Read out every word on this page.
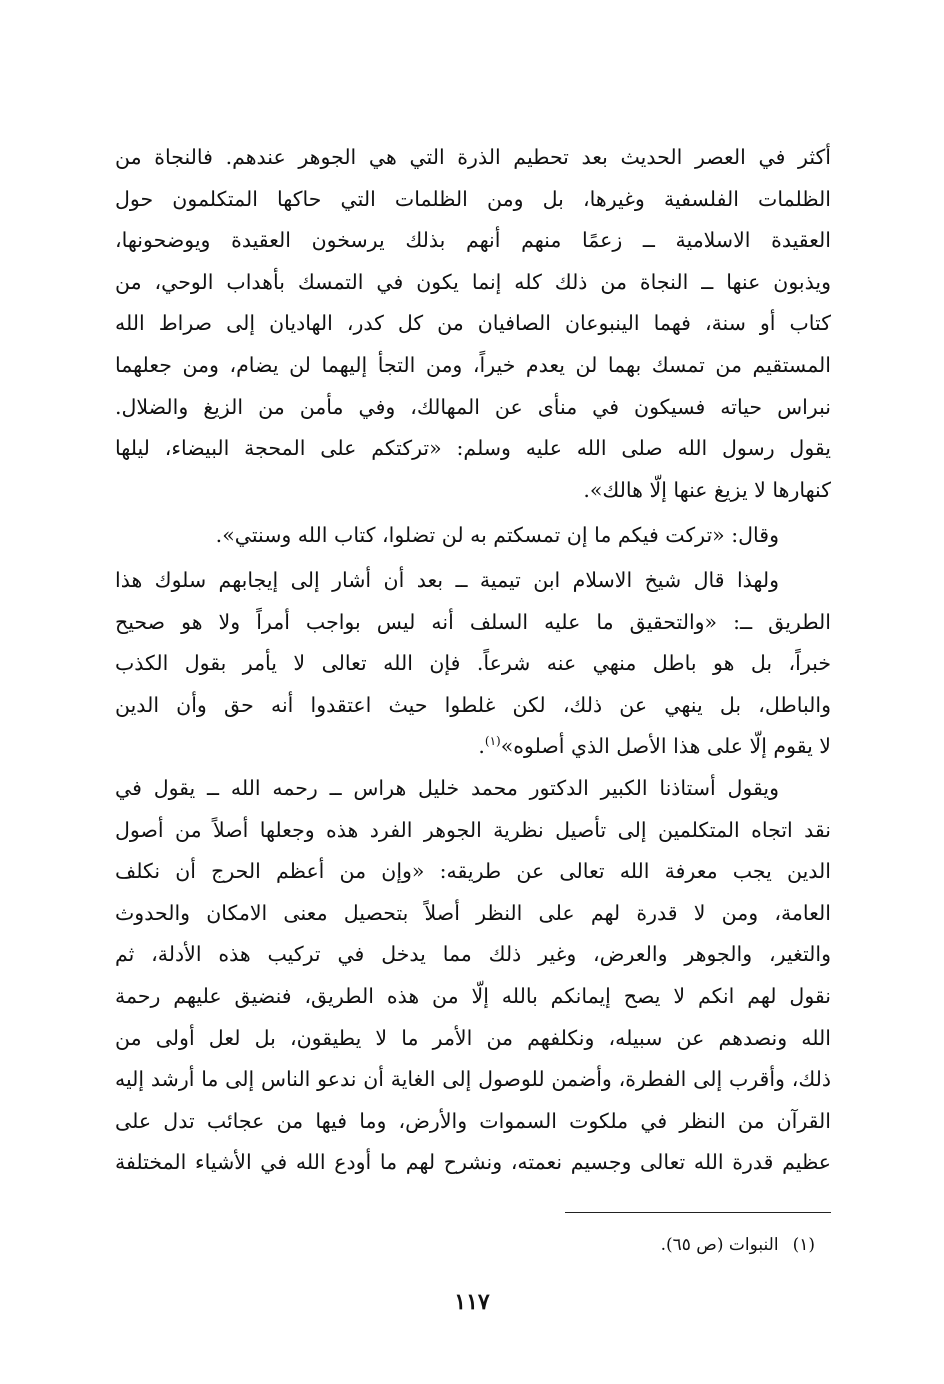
أكثر في العصر الحديث بعد تحطيم الذرة التي هي الجوهر عندهم. فالنجاة من
الظلمات الفلسفية وغيرها، بل ومن الظلمات التي حاكها المتكلمون حول
العقيدة الاسلامية ــ زعمًا منهم أنهم بذلك يرسخون العقيدة ويوضحونها،
ويذبون عنها ــ النجاة من ذلك كله إنما يكون في التمسك بأهداب الوحي، من
كتاب أو سنة، فهما الينبوعان الصافيان من كل كدر، الهاديان إلى صراط الله
المستقيم من تمسك بهما لن يعدم خيراً، ومن التجأ إليهما لن يضام، ومن جعلهما
نبراس حياته فسيكون في منأى عن المهالك، وفي مأمن من الزيغ والضلال.
يقول رسول الله صلى الله عليه وسلم: «تركتكم على المحجة البيضاء، ليلها
كنهارها لا يزيغ عنها إلّا هالك».
وقال: «تركت فيكم ما إن تمسكتم به لن تضلوا، كتاب الله وسنتي».
ولهذا قال شيخ الاسلام ابن تيمية ــ بعد أن أشار إلى إيجابهم سلوك هذا
الطريق ــ: «والتحقيق ما عليه السلف أنه ليس بواجب أمراً ولا هو صحيح
خبراً، بل هو باطل منهي عنه شرعاً. فإن الله تعالى لا يأمر بقول الكذب
والباطل، بل ينهي عن ذلك، لكن غلطوا حيث اعتقدوا أنه حق وأن الدين
لا يقوم إلّا على هذا الأصل الذي أصلوه»$^{(١)}$.
ويقول أستاذنا الكبير الدكتور محمد خليل هراس ــ رحمه الله ــ يقول في
نقد اتجاه المتكلمين إلى تأصيل نظرية الجوهر الفرد هذه وجعلها أصلاً من أصول
الدين يجب معرفة الله تعالى عن طريقه: «وإن من أعظم الحرج أن نكلف
العامة، ومن لا قدرة لهم على النظر أصلاً بتحصيل معنى الامكان والحدوث
والتغير، والجوهر والعرض، وغير ذلك مما يدخل في تركيب هذه الأدلة، ثم
نقول لهم انكم لا يصح إيمانكم بالله إلّا من هذه الطريق، فنضيق عليهم رحمة
الله ونصدهم عن سبيله، ونكلفهم من الأمر ما لا يطيقون، بل لعل أولى من
ذلك، وأقرب إلى الفطرة، وأضمن للوصول إلى الغاية أن ندعو الناس إلى ما أرشد إليه
القرآن من النظر في ملكوت السموات والأرض، وما فيها من عجائب تدل على
عظيم قدرة الله تعالى وجسيم نعمته، ونشرح لهم ما أودع الله في الأشياء المختلفة
(١)النبوات (ص ٦٥).
١١٧
